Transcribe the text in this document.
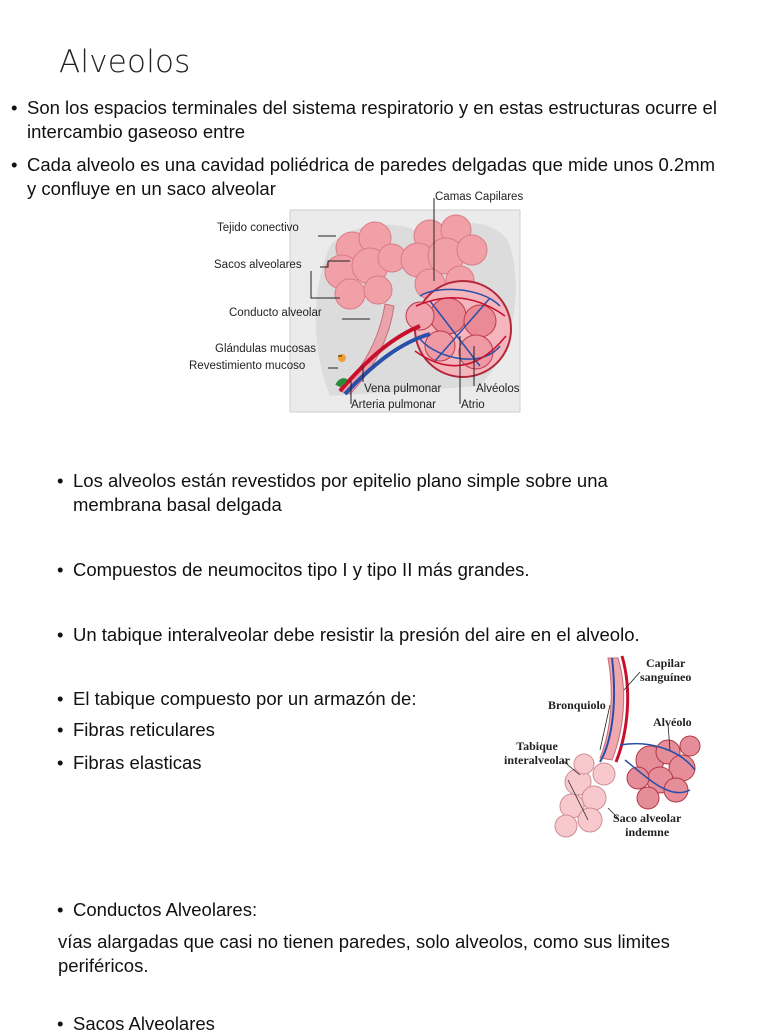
Alveolos
• Son los espacios terminales del sistema respiratorio y en estas estructuras ocurre el intercambio gaseoso entre
• Cada alveolo es una cavidad poliédrica de paredes delgadas que mide unos 0.2mm y confluye en un saco alveolar	Camas Capilares
Tejido conectivo
Sacos alveolares
Conducto alveolar
Glándulas mucosas
Revestimiento mucoso
Vena pulmonar
Arteria pulmonar
Alvéolos
Atrio
• Los alveolos están revestidos por epitelio plano simple sobre una membrana basal delgada
• Compuestos de neumocitos tipo I y tipo II más grandes.
• Un tabique interalveolar debe resistir la presión del aire en el alveolo.
• El tabique compuesto por un armazón de:
• Fibras reticulares
• Fibras elasticas
Capilar
sanguíneo
Bronquiolo
Alvéolo
Tabique
interalveolar
Saco alveolar
indemne
• Conductos Alveolares:
vías alargadas que casi no tienen paredes, solo alveolos, como sus limites periféricos.
• Sacos Alveolares
